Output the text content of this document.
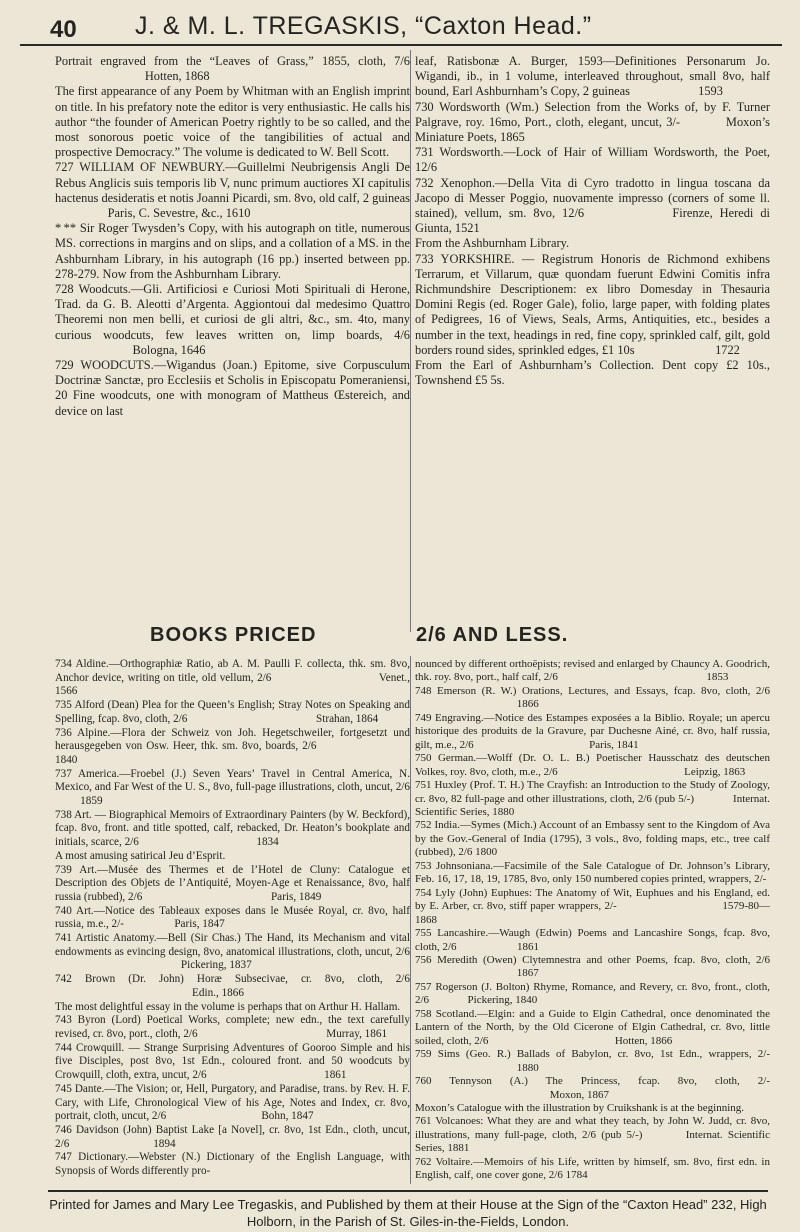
40 J. & M. L. TREGASKIS, “Caxton Head.”

Portrait engraved from the “Leaves of Grass,” 1855, cloth, 7/6         Hotten, 1868

The first appearance of any Poem by Whitman with an English imprint on title. In his prefatory note the editor is very enthusiastic. He calls his author “the founder of American Poetry rightly to be so called, and the most sonorous poetic voice of the tangibilities of actual and prospective Democracy.” The volume is dedicated to W. Bell Scott.

727 WILLIAM OF NEWBURY.—Guillelmi Neubrigensis Angli De Rebus Anglicis suis temporis lib V, nunc primum auctiores XI capitulis hactenus desideratis et notis Joanni Picardi, sm. 8vo, old calf, 2 guineas      Paris, C. Sevestre, &c., 1610

* ** Sir Roger Twysden’s Copy, with his autograph on title, numerous MS. corrections in margins and on slips, and a collation of a MS. in the Ashburnham Library, in his autograph (16 pp.) inserted between pp. 278-279. Now from the Ashburnham Library.

728 Woodcuts.—Gli. Artificiosi e Curiosi Moti Spirituali di Herone, Trad. da G. B. Aleotti d’Argenta. Aggiontoui dal medesimo Quattro Theoremi non men belli, et curiosi de gli altri, &c., sm. 4to, many curious woodcuts, few leaves written on, limp boards, 4/6        Bologna, 1646

729 WOODCUTS.—Wigandus (Joan.) Epitome, sive Corpusculum Doctrinæ Sanctæ, pro Ecclesiis et Scholis in Episcopatu Pomeraniensi, 20 Fine woodcuts, one with monogram of Mattheus Œstereich, and device on last

leaf, Ratisbonæ A. Burger, 1593—Definitiones Personarum Jo. Wigandi, ib., in 1 volume, interleaved throughout, small 8vo, half bound, Earl Ashburnham’s Copy, 2 guineas       1593

730 Wordsworth (Wm.) Selection from the Works of, by F. Turner Palgrave, roy. 16mo, Port., cloth, elegant, uncut, 3/-     Moxon’s Miniature Poets, 1865

731 Wordsworth.—Lock of Hair of William Wordsworth, the Poet, 12/6

732 Xenophon.—Della Vita di Cyro tradotto in lingua toscana da Jacopo di Messer Poggio, nuovamente impresso (corners of some ll. stained), vellum, sm. 8vo, 12/6        Firenze, Heredi di Giunta, 1521

From the Ashburnham Library.

733 YORKSHIRE. — Registrum Honoris de Richmond exhibens Terrarum, et Villarum, quæ quondam fuerunt Edwini Comitis infra Richmundshire Descriptionem: ex libro Domesday in Thesauria Domini Regis (ed. Roger Gale), folio, large paper, with folding plates of Pedigrees, 16 of Views, Seals, Arms, Antiquities, etc., besides a number in the text, headings in red, fine copy, sprinkled calf, gilt, gold borders round sides, sprinkled edges, £1 10s        1722

From the Earl of Ashburnham’s Collection. Dent copy £2 10s., Townshend £5 5s.

BOOKS PRICED	2/6 AND LESS.

734 Aldine.—Orthographiæ Ratio, ab A. M. Paulli F. collecta, thk. sm. 8vo, Anchor device, writing on title, old vellum, 2/6           Venet., 1566

735 Alford (Dean) Plea for the Queen’s English; Stray Notes on Speaking and Spelling, fcap. 8vo, cloth, 2/6             Strahan, 1864

736 Alpine.—Flora der Schweiz von Joh. Hegetschweiler, fortgesetzt und herausgegeben von Osw. Heer, thk. sm. 8vo, boards, 2/6          1840

737 America.—Froebel (J.) Seven Years’ Travel in Central America, N. Mexico, and Far West of the U. S., 8vo, full-page illustrations, cloth, uncut, 2/6    1859

738 Art. — Biographical Memoirs of Extraordinary Painters (by W. Beckford), fcap. 8vo, front. and title spotted, calf, rebacked, Dr. Heaton’s bookplate and initials, scarce, 2/6            1834

A most amusing satirical Jeu d’Esprit.

739 Art.—Musée des Thermes et de l’Hotel de Cluny: Catalogue et Description des Objets de l’Antiquité, Moyen-Age et Renaissance, 8vo, half russia (rubbed), 2/6             Paris, 1849

740 Art.—Notice des Tableaux exposes dans le Musée Royal, cr. 8vo, half russia, m.e., 2/-      Paris, 1847

741 Artistic Anatomy.—Bell (Sir Chas.) The Hand, its Mechanism and vital endowments as evincing design, 8vo, anatomical illustrations, cloth, uncut, 2/6             Pickering, 1837

742 Brown (Dr. John) Horæ Subsecivae, cr. 8vo, cloth, 2/6              Edin., 1866

The most delightful essay in the volume is perhaps that on Arthur H. Hallam.

743 Byron (Lord) Poetical Works, complete; new edn., the text carefully revised, cr. 8vo, port., cloth, 2/6             Murray, 1861

744 Crowquill. — Strange Surprising Adventures of Gooroo Simple and his five Disciples, post 8vo, 1st Edn., coloured front. and 50 woodcuts by Crowquill, cloth, extra, uncut, 2/6            1861

745 Dante.—The Vision; or, Hell, Purgatory, and Paradise, trans. by Rev. H. F. Cary, with Life, Chronological View of his Age, Notes and Index, cr. 8vo, portrait, cloth, uncut, 2/6          Bohn, 1847

746 Davidson (John) Baptist Lake [a Novel], cr. 8vo, 1st Edn., cloth, uncut, 2/6         1894

747 Dictionary.—Webster (N.) Dictionary of the English Language, with Synopsis of Words differently pro-

nounced by different orthoëpists; revised and enlarged by Chauncy A. Goodrich, thk. roy. 8vo, port., half calf, 2/6               1853

748 Emerson (R. W.) Orations, Lectures, and Essays, fcap. 8vo, cloth, 2/6           1866

749 Engraving.—Notice des Estampes exposées a la Biblio. Royale; un apercu historique des produits de la Gravure, par Duchesne Ainé, cr. 8vo, half russia, gilt, m.e., 2/6            Paris, 1841

750 German.—Wolff (Dr. O. L. B.) Poetischer Hausschatz des deutschen Volkes, roy. 8vo, cloth, m.e., 2/6             Leipzig, 1863

751 Huxley (Prof. T. H.) The Crayfish: an Introduction to the Study of Zoology, cr. 8vo, 82 full-page and other illustrations, cloth, 2/6 (pub 5/-)     Internat. Scientific Series, 1880

752 India.—Symes (Mich.) Account of an Embassy sent to the Kingdom of Ava by the Gov.-General of India (1795), 3 vols., 8vo, folding maps, etc., tree calf (rubbed), 2/6 1800

753 Johnsoniana.—Facsimile of the Sale Catalogue of Dr. Johnson’s Library, Feb. 16, 17, 18, 19, 1785, 8vo, only 150 numbered copies printed, wrappers, 2/-

754 Lyly (John) Euphues: The Anatomy of Wit, Euphues and his England, ed. by E. Arber, cr. 8vo, stiff paper wrappers, 2/-           1579-80—1868

755 Lancashire.—Waugh (Edwin) Poems and Lancashire Songs, fcap. 8vo, cloth, 2/6       1861

756 Meredith (Owen) Clytemnestra and other Poems, fcap. 8vo, cloth, 2/6           1867

757 Rogerson (J. Bolton) Rhyme, Romance, and Revery, cr. 8vo, front., cloth, 2/6     Pickering, 1840

758 Scotland.—Elgin: and a Guide to Elgin Cathedral, once denominated the Lantern of the North, by the Old Cicerone of Elgin Cathedral, cr. 8vo, little soiled, cloth, 2/6             Hotten, 1866

759 Sims (Geo. R.) Ballads of Babylon, cr. 8vo, 1st Edn., wrappers, 2/-           1880

760 Tennyson (A.) The Princess, fcap. 8vo, cloth, 2/-              Moxon, 1867

Moxon’s Catalogue with the illustration by Cruikshank is at the beginning.

761 Volcanoes: What they are and what they teach, by John W. Judd, cr. 8vo, illustrations, many full-page, cloth, 2/6 (pub 5/-)     Internat. Scientific Series, 1881

762 Voltaire.—Memoirs of his Life, written by himself, sm. 8vo, first edn. in English, calf, one cover gone, 2/6 1784

Printed for James and Mary Lee Tregaskis, and Published by them at their House at the Sign of the “Caxton Head” 232, High Holborn, in the Parish of St. Giles-in-the-Fields, London.
